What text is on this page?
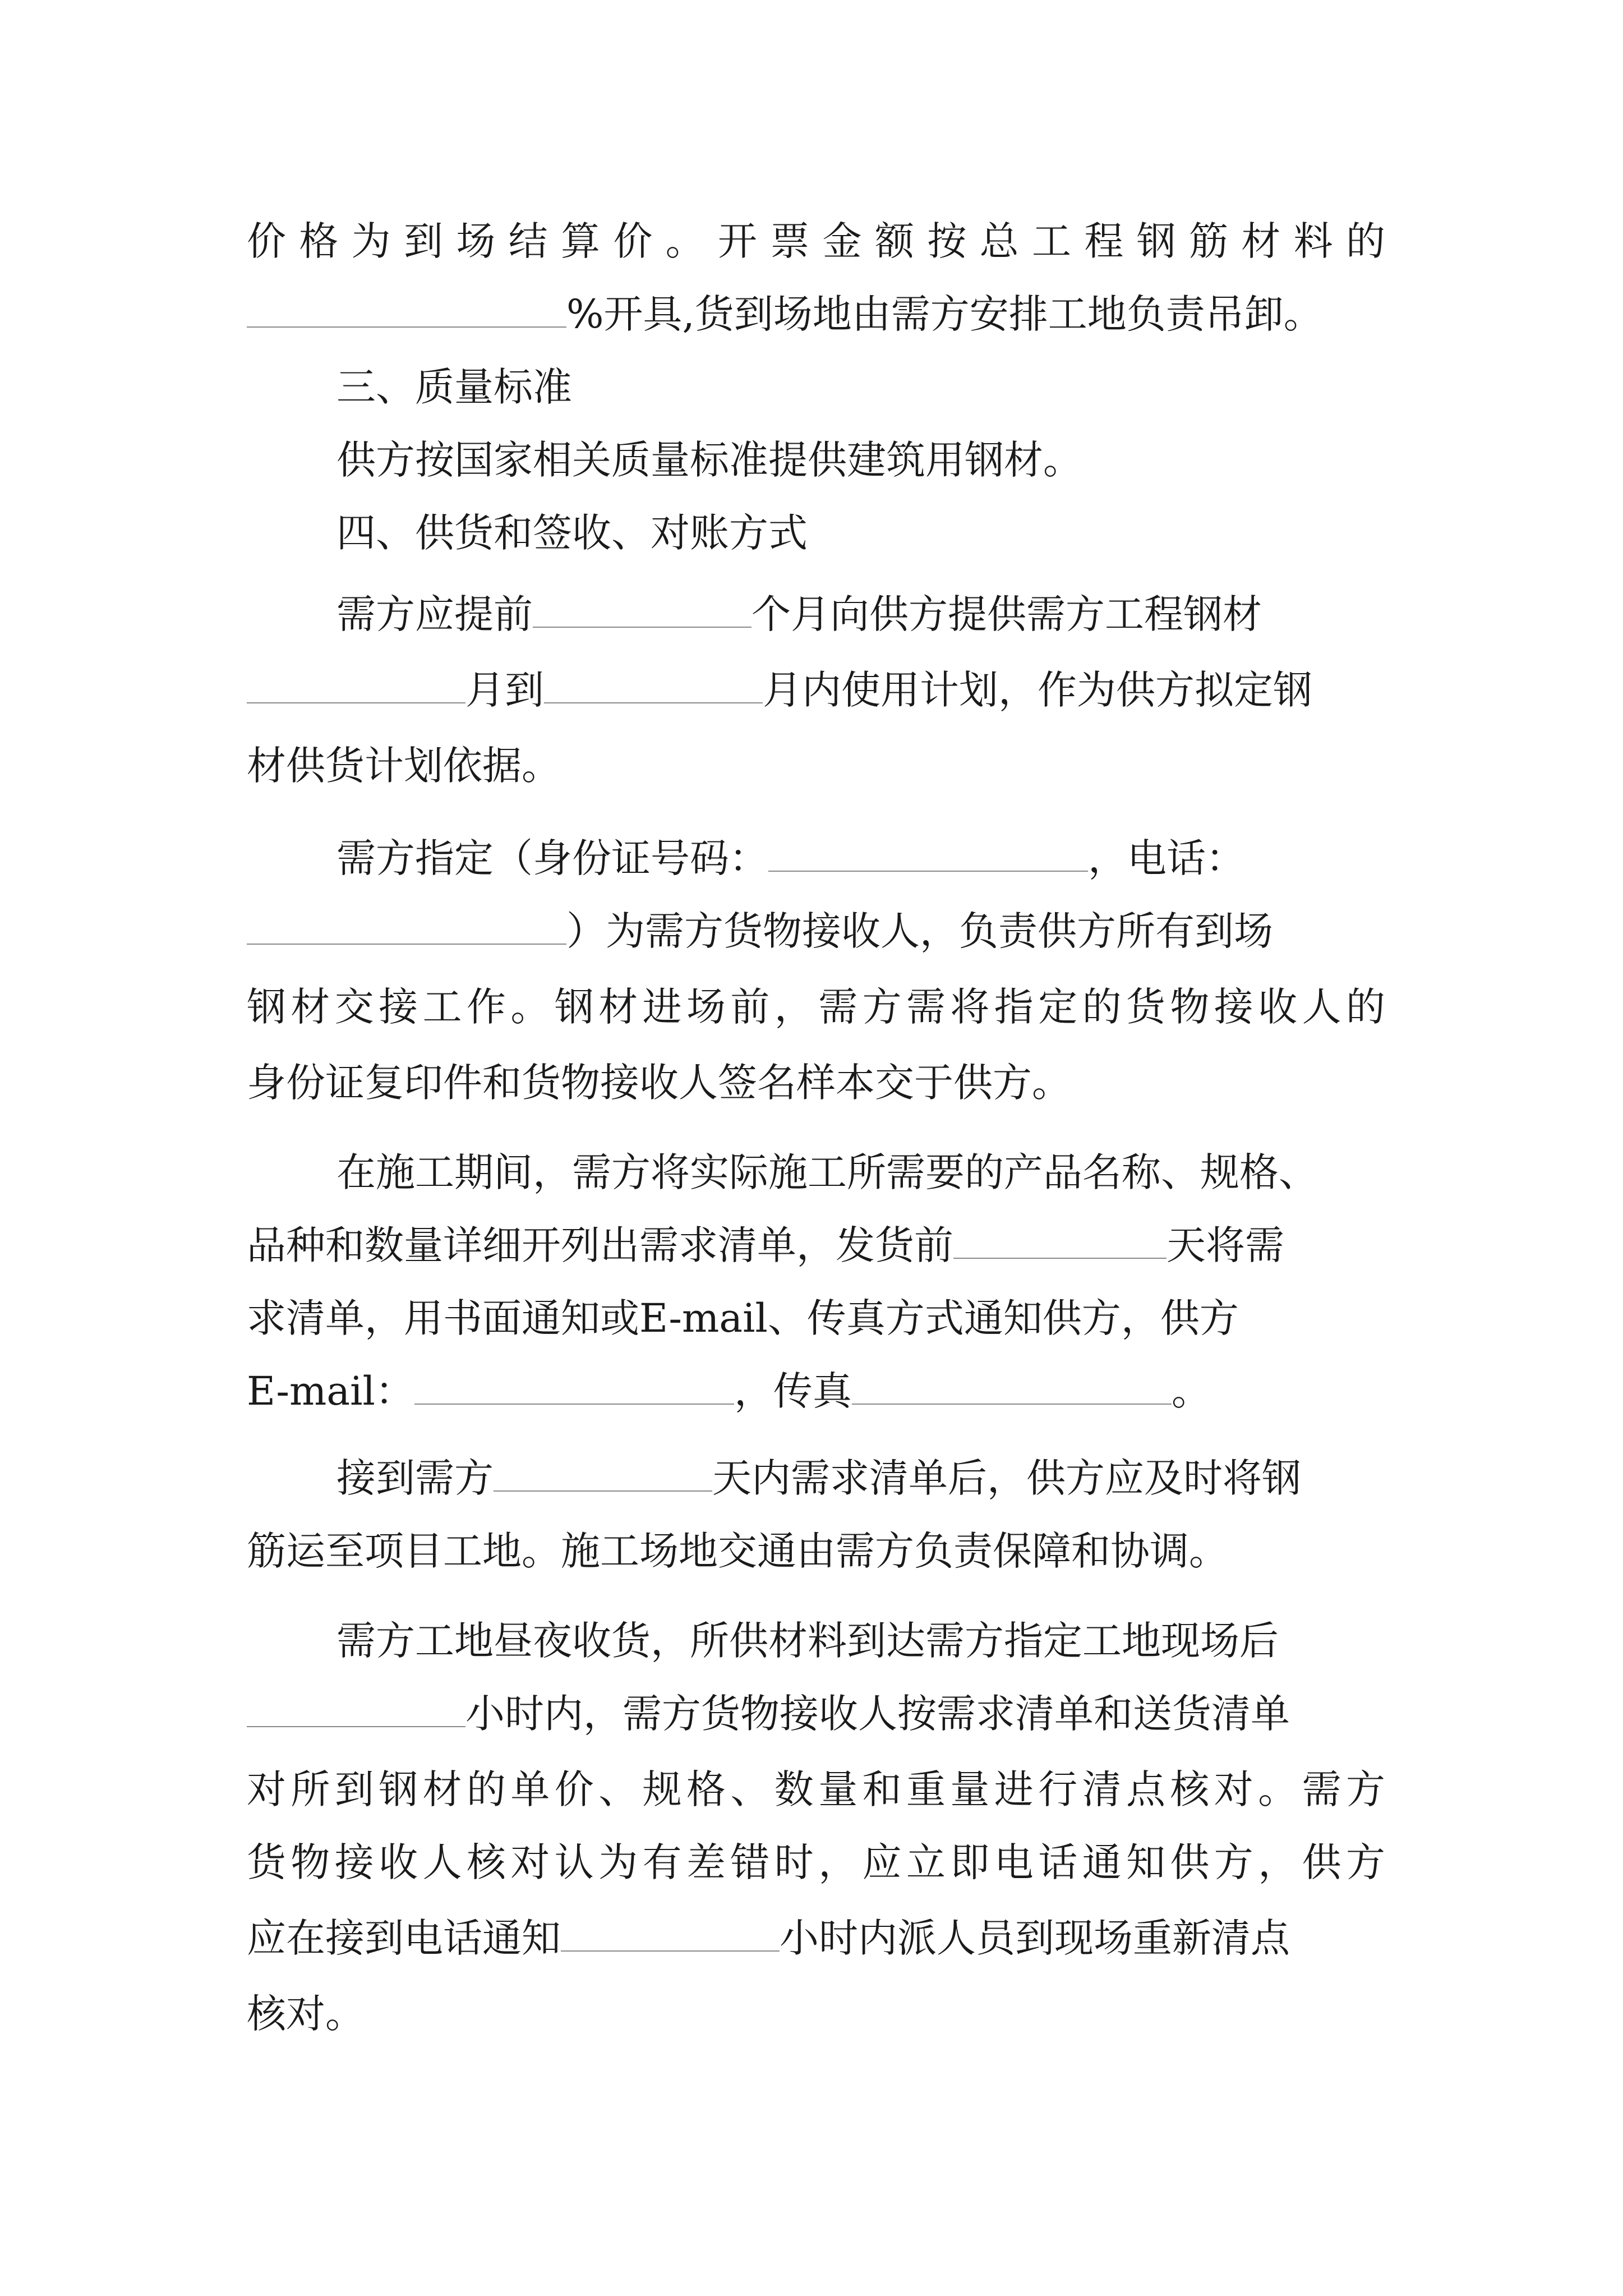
价格为到场结算价。开票金额按总工程钢筋材料的
%开具,货到场地由需方安排工地负责吊卸。
三、质量标准
供方按国家相关质量标准提供建筑用钢材。
四、供货和签收、对账方式
需方应提前	个月向供方提供需方工程钢材
月到	月内使用计划，作为供方拟定钢
材供货计划依据。
需方指定（身份证号码：	，电话：
）为需方货物接收人，负责供方所有到场
钢材交接工作。钢材进场前，需方需将指定的货物接收人的
身份证复印件和货物接收人签名样本交于供方。
在施工期间，需方将实际施工所需要的产品名称、规格、
品种和数量详细开列出需求清单，发货前	天将需
求清单，用书面通知或E-mail、传真方式通知供方，供方
E-mail：	，传真	。
接到需方	天内需求清单后，供方应及时将钢
筋运至项目工地。施工场地交通由需方负责保障和协调。
需方工地昼夜收货，所供材料到达需方指定工地现场后
小时内，需方货物接收人按需求清单和送货清单
对所到钢材的单价、规格、数量和重量进行清点核对。需方
货物接收人核对认为有差错时，应立即电话通知供方，供方
应在接到电话通知	小时内派人员到现场重新清点
核对。
